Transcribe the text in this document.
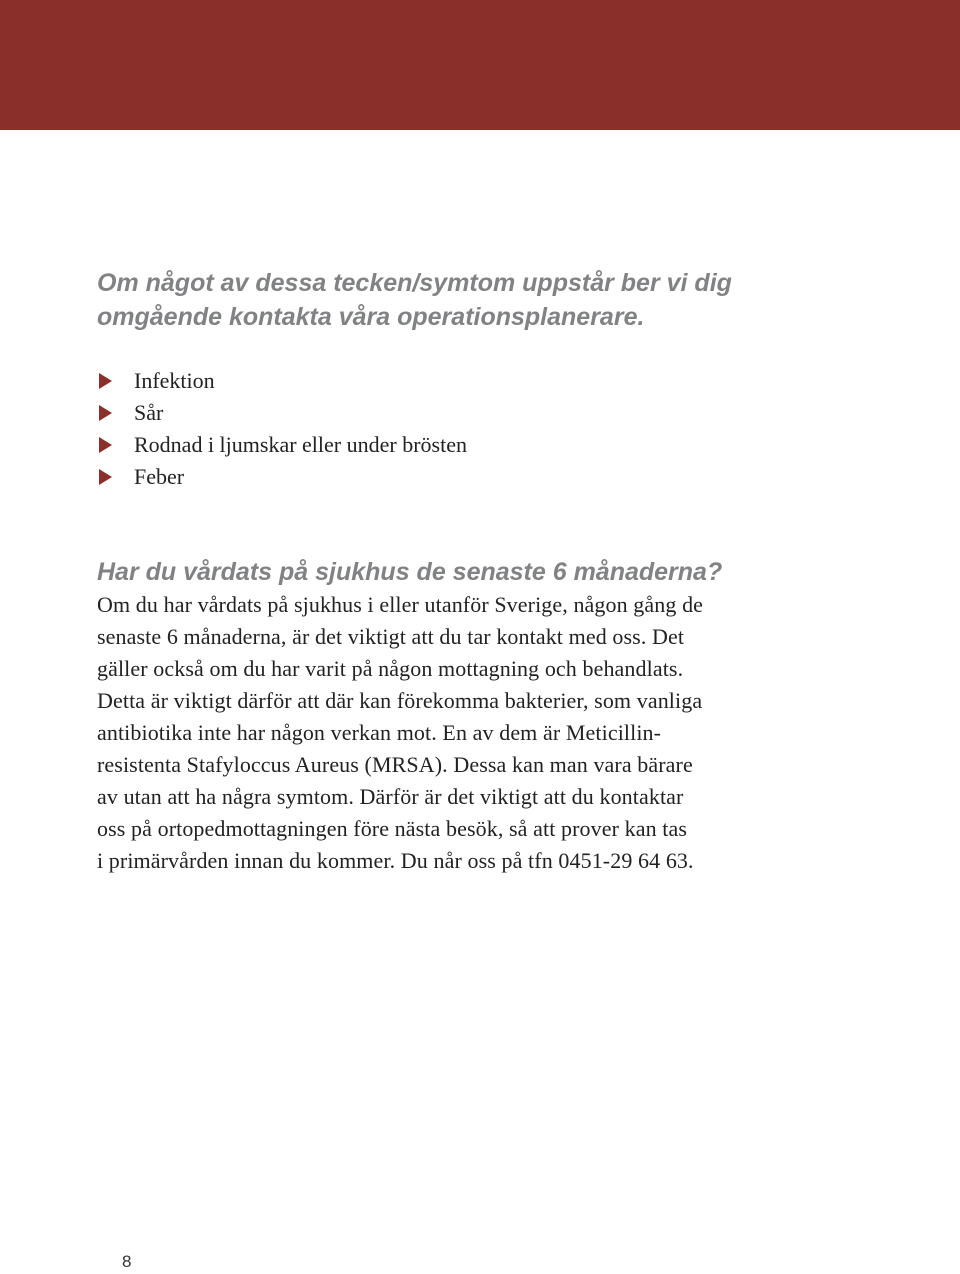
Om något av dessa tecken/symtom uppstår ber vi dig
omgående kontakta våra operationsplanerare.
Infektion
Sår
Rodnad i ljumskar eller under brösten
Feber
Har du vårdats på sjukhus de senaste 6 månaderna?

Om du har vårdats på sjukhus i eller utanför Sverige, någon gång de
senaste 6 månaderna, är det viktigt att du tar kontakt med oss. Det
gäller också om du har varit på någon mottagning och behandlats.
Detta är viktigt därför att där kan förekomma bakterier, som vanliga
antibiotika inte har någon verkan mot. En av dem är Meticillin-
resistenta Stafyloccus Aureus (MRSA). Dessa kan man vara bärare
av utan att ha några symtom. Därför är det viktigt att du kontaktar
oss på ortopedmottagningen före nästa besök, så att prover kan tas
i primärvården innan du kommer. Du når oss på tfn 0451-29 64 63.

8
